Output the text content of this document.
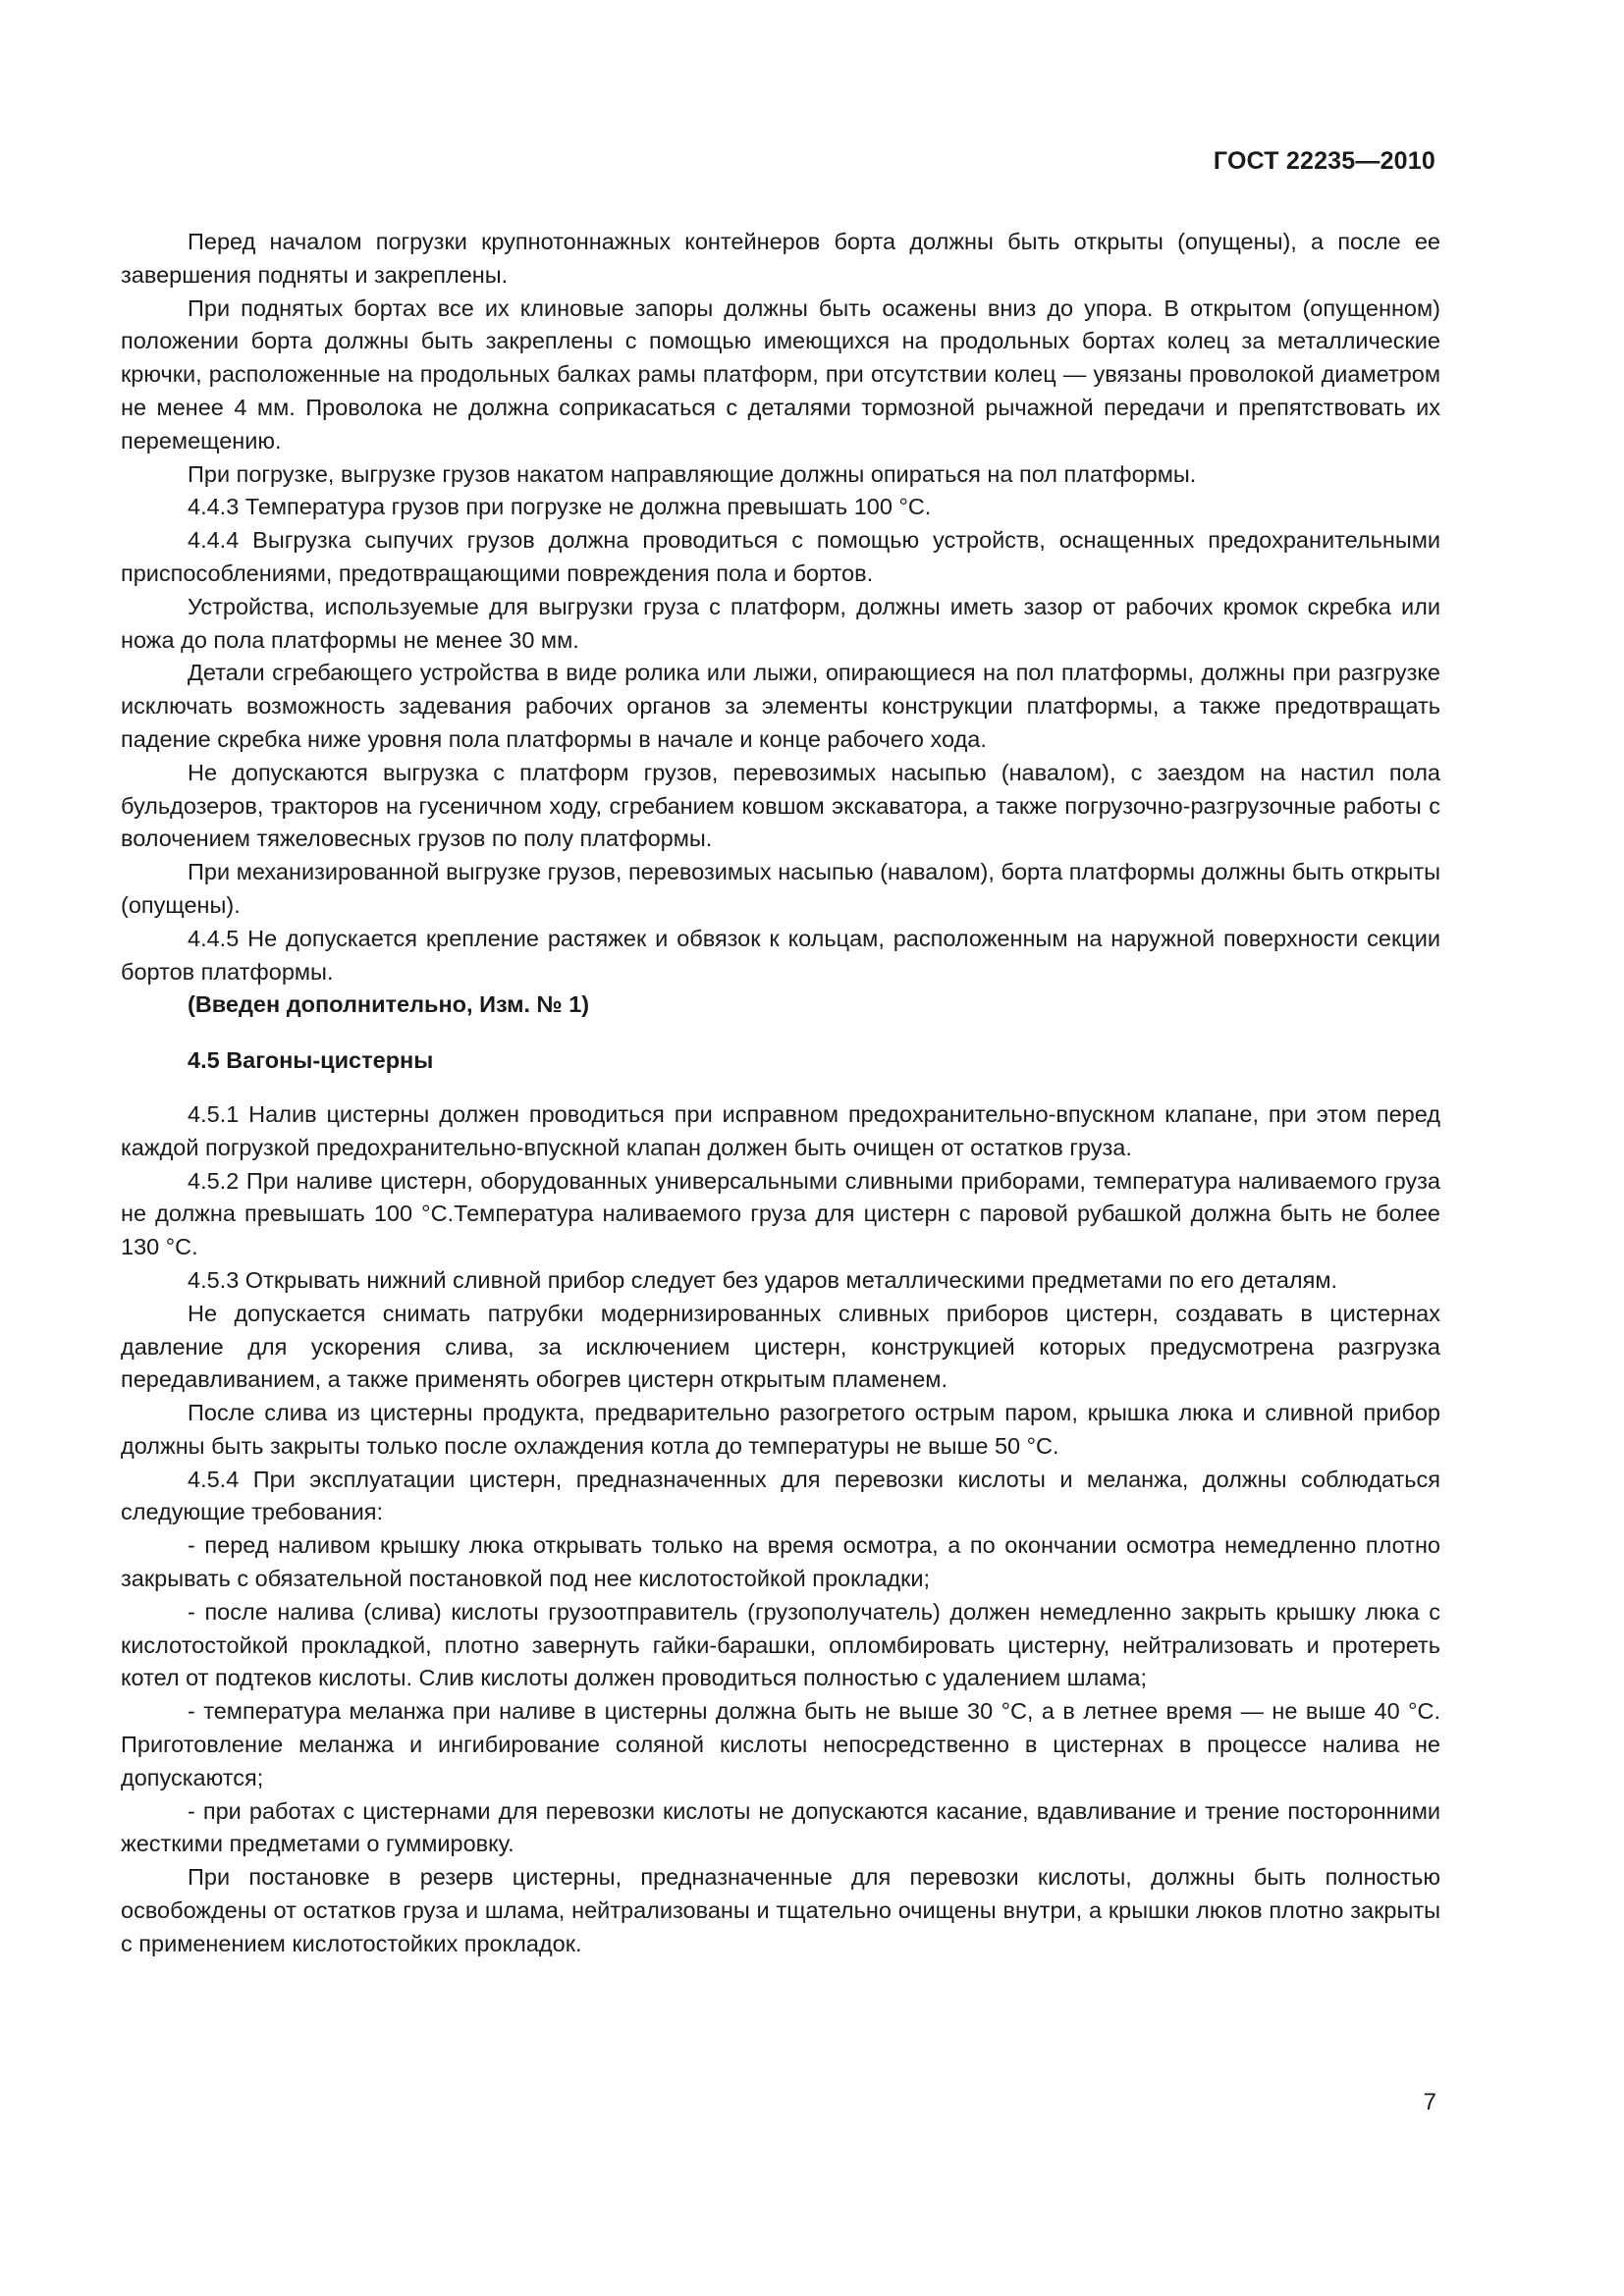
ГОСТ 22235—2010

Перед началом погрузки крупнотоннажных контейнеров борта должны быть открыты (опущены), а после ее завершения подняты и закреплены.

При поднятых бортах все их клиновые запоры должны быть осажены вниз до упора. В открытом (опущенном) положении борта должны быть закреплены с помощью имеющихся на продольных бортах колец за металлические крючки, расположенные на продольных балках рамы платформ, при отсутствии колец — увязаны проволокой диаметром не менее 4 мм. Проволока не должна соприкасаться с деталями тормозной рычажной передачи и препятствовать их перемещению.

При погрузке, выгрузке грузов накатом направляющие должны опираться на пол платформы.

4.4.3 Температура грузов при погрузке не должна превышать 100 °С.

4.4.4 Выгрузка сыпучих грузов должна проводиться с помощью устройств, оснащенных предохранительными приспособлениями, предотвращающими повреждения пола и бортов.

Устройства, используемые для выгрузки груза с платформ, должны иметь зазор от рабочих кромок скребка или ножа до пола платформы не менее 30 мм.

Детали сгребающего устройства в виде ролика или лыжи, опирающиеся на пол платформы, должны при разгрузке исключать возможность задевания рабочих органов за элементы конструкции платформы, а также предотвращать падение скребка ниже уровня пола платформы в начале и конце рабочего хода.

Не допускаются выгрузка с платформ грузов, перевозимых насыпью (навалом), с заездом на настил пола бульдозеров, тракторов на гусеничном ходу, сгребанием ковшом экскаватора, а также погрузочно-разгрузочные работы с волочением тяжеловесных грузов по полу платформы.

При механизированной выгрузке грузов, перевозимых насыпью (навалом), борта платформы должны быть открыты (опущены).

4.4.5 Не допускается крепление растяжек и обвязок к кольцам, расположенным на наружной поверхности секции бортов платформы.

(Введен дополнительно, Изм. № 1)

4.5 Вагоны-цистерны

4.5.1 Налив цистерны должен проводиться при исправном предохранительно-впускном клапане, при этом перед каждой погрузкой предохранительно-впускной клапан должен быть очищен от остатков груза.

4.5.2 При наливе цистерн, оборудованных универсальными сливными приборами, температура наливаемого груза не должна превышать 100 °С.Температура наливаемого груза для цистерн с паровой рубашкой должна быть не более 130 °С.

4.5.3 Открывать нижний сливной прибор следует без ударов металлическими предметами по его деталям.

Не допускается снимать патрубки модернизированных сливных приборов цистерн, создавать в цистернах давление для ускорения слива, за исключением цистерн, конструкцией которых предусмотрена разгрузка передавливанием, а также применять обогрев цистерн открытым пламенем.

После слива из цистерны продукта, предварительно разогретого острым паром, крышка люка и сливной прибор должны быть закрыты только после охлаждения котла до температуры не выше 50 °С.

4.5.4 При эксплуатации цистерн, предназначенных для перевозки кислоты и меланжа, должны соблюдаться следующие требования:

- перед наливом крышку люка открывать только на время осмотра, а по окончании осмотра немедленно плотно закрывать с обязательной постановкой под нее кислотостойкой прокладки;

- после налива (слива) кислоты грузоотправитель (грузополучатель) должен немедленно закрыть крышку люка с кислотостойкой прокладкой, плотно завернуть гайки-барашки, опломбировать цистерну, нейтрализовать и протереть котел от подтеков кислоты. Слив кислоты должен проводиться полностью с удалением шлама;

- температура меланжа при наливе в цистерны должна быть не выше 30 °С, а в летнее время — не выше 40 °С. Приготовление меланжа и ингибирование соляной кислоты непосредственно в цистернах в процессе налива не допускаются;

- при работах с цистернами для перевозки кислоты не допускаются касание, вдавливание и трение посторонними жесткими предметами о гуммировку.

При постановке в резерв цистерны, предназначенные для перевозки кислоты, должны быть полностью освобождены от остатков груза и шлама, нейтрализованы и тщательно очищены внутри, а крышки люков плотно закрыты с применением кислотостойких прокладок.

7
